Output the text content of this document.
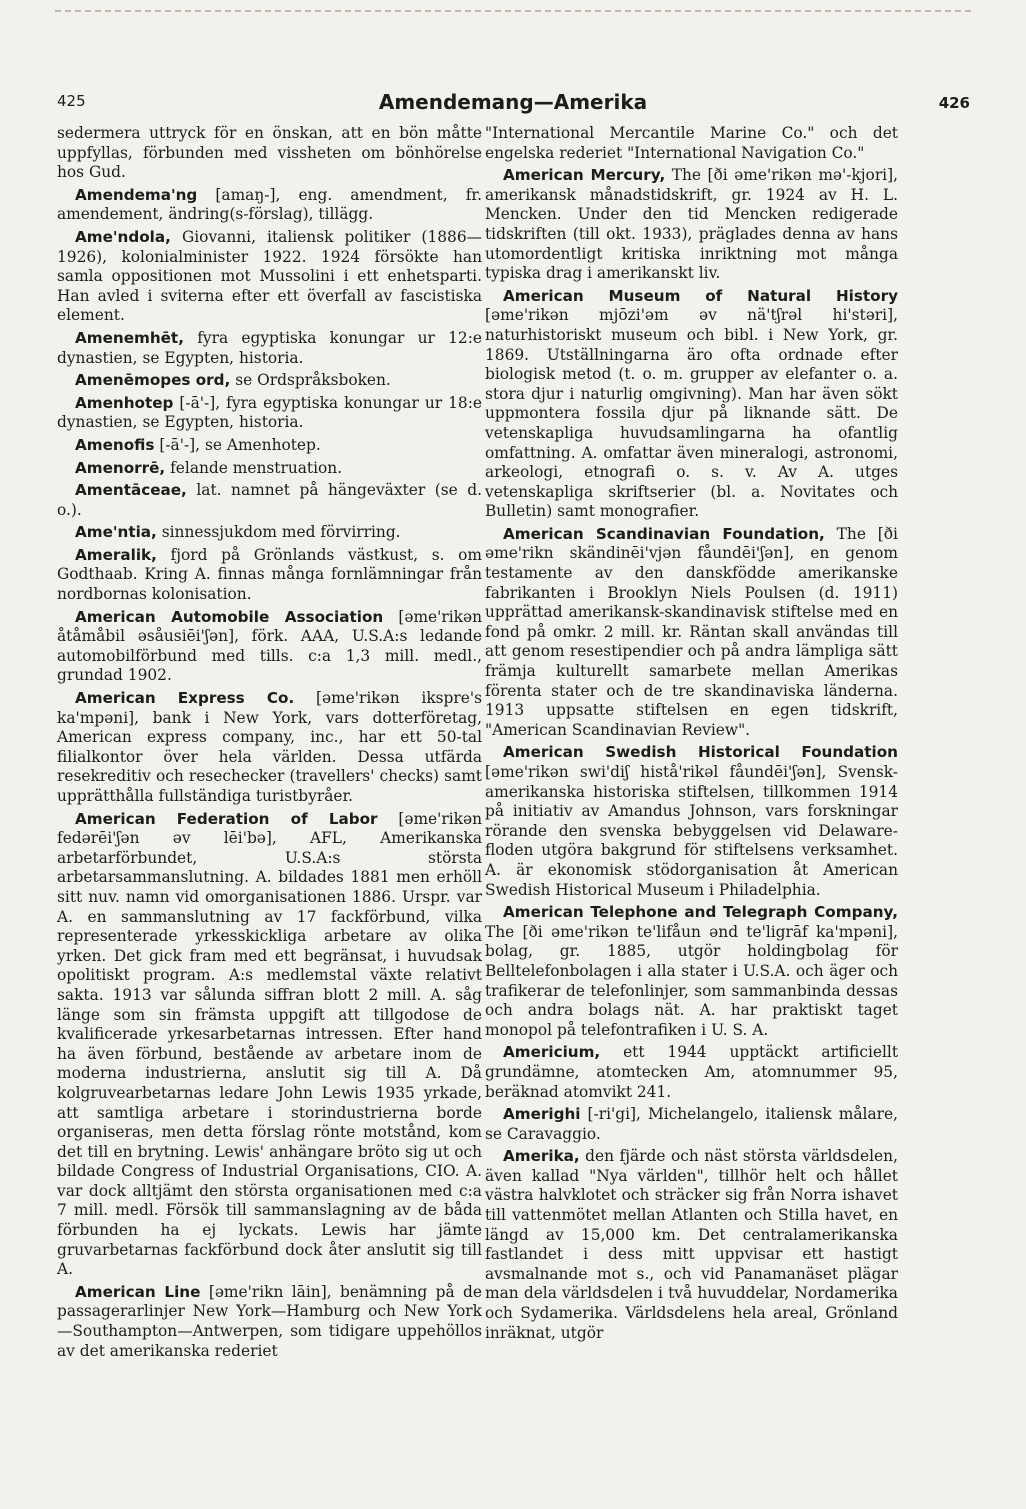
425	Amendemang—Amerika	426

sedermera uttryck för en önskan, att en bön måtte uppfyllas, förbunden med vissheten om bönhörelse hos Gud.

Amendema'ng [amaŋ-], eng. amendment, fr. amendement, ändring(s-förslag), tillägg.

Ame'ndola, Giovanni, italiensk politiker (1886—1926), kolonialminister 1922. 1924 försökte han samla oppositionen mot Mussolini i ett enhetsparti. Han avled i sviterna efter ett överfall av fascistiska element.

Amenemhēt, fyra egyptiska konungar ur 12:e dynastien, se Egypten, historia.

Amenēmopes ord, se Ordspråksboken.

Amenhotep [-ā'-], fyra egyptiska konungar ur 18:e dynastien, se Egypten, historia.

Amenofis [-ā'-], se Amenhotep.

Amenorrē, felande menstruation.

Amentāceae, lat. namnet på hängeväxter (se d. o.).

Ame'ntia, sinnessjukdom med förvirring.

Ameralik, fjord på Grönlands västkust, s. om Godthaab. Kring A. finnas många fornlämningar från nordbornas kolonisation.

American Automobile Association [əme'rikən åtåmåbil əsåusiēi'ʃən], förk. AAA, U.S.A:s ledande automobilförbund med tills. c:a 1,3 mill. medl., grundad 1902.

American Express Co. [əme'rikən ikspre's ka'mpəni], bank i New York, vars dotterföretag, American express company, inc., har ett 50-tal filialkontor över hela världen. Dessa utfärda resekreditiv och resechecker (travellers' checks) samt upprätthålla fullständiga turistbyråer.

American Federation of Labor [əme'rikən fedərēi'ʃən əv lēi'bə], AFL, Amerikanska arbetarförbundet, U.S.A:s största arbetarsammanslutning. A. bildades 1881 men erhöll sitt nuv. namn vid omorganisationen 1886. Urspr. var A. en sammanslutning av 17 fackförbund, vilka representerade yrkesskickliga arbetare av olika yrken. Det gick fram med ett begränsat, i huvudsak opolitiskt program. A:s medlemstal växte relativt sakta. 1913 var sålunda siffran blott 2 mill. A. såg länge som sin främsta uppgift att tillgodose de kvalificerade yrkesarbetarnas intressen. Efter hand ha även förbund, bestående av arbetare inom de moderna industrierna, anslutit sig till A. Då kolgruvearbetarnas ledare John Lewis 1935 yrkade, att samtliga arbetare i storindustrierna borde organiseras, men detta förslag rönte motstånd, kom det till en brytning. Lewis' anhängare bröto sig ut och bildade Congress of Industrial Organisations, CIO. A. var dock alltjämt den största organisationen med c:a 7 mill. medl. Försök till sammanslagning av de båda förbunden ha ej lyckats. Lewis har jämte gruvarbetarnas fackförbund dock åter anslutit sig till A.

American Line [əme'rikn lāin], benämning på de passagerarlinjer New York—Hamburg och New York—Southampton—Antwerpen, som tidigare uppehöllos av det amerikanska rederiet

"International Mercantile Marine Co." och det engelska rederiet "International Navigation Co."

American Mercury, The [ði əme'rikən mə'-kjori], amerikansk månadstidskrift, gr. 1924 av H. L. Mencken. Under den tid Mencken redigerade tidskriften (till okt. 1933), präglades denna av hans utomordentligt kritiska inriktning mot många typiska drag i amerikanskt liv.

American Museum of Natural History [əme'rikən mjōzi'əm əv nä'tʃrəl hi'stəri], naturhistoriskt museum och bibl. i New York, gr. 1869. Utställningarna äro ofta ordnade efter biologisk metod (t. o. m. grupper av elefanter o. a. stora djur i naturlig omgivning). Man har även sökt uppmontera fossila djur på liknande sätt. De vetenskapliga huvudsamlingarna ha ofantlig omfattning. A. omfattar även mineralogi, astronomi, arkeologi, etnografi o. s. v. Av A. utges vetenskapliga skriftserier (bl. a. Novitates och Bulletin) samt monografier.

American Scandinavian Foundation, The [ði əme'rikn skändinēi'vjən fåundēi'ʃən], en genom testamente av den danskfödde amerikanske fabrikanten i Brooklyn Niels Poulsen (d. 1911) upprättad amerikansk-skandinavisk stiftelse med en fond på omkr. 2 mill. kr. Räntan skall användas till att genom resestipendier och på andra lämpliga sätt främja kulturellt samarbete mellan Amerikas förenta stater och de tre skandinaviska länderna. 1913 uppsatte stiftelsen en egen tidskrift, "American Scandinavian Review".

American Swedish Historical Foundation [əme'rikən swi'diʃ histå'rikəl fåundēi'ʃən], Svensk-amerikanska historiska stiftelsen, tillkommen 1914 på initiativ av Amandus Johnson, vars forskningar rörande den svenska bebyggelsen vid Delaware-floden utgöra bakgrund för stiftelsens verksamhet. A. är ekonomisk stödorganisation åt American Swedish Historical Museum i Philadelphia.

American Telephone and Telegraph Company, The [ði əme'rikən te'lifåun ənd te'ligrāf ka'mpəni], bolag, gr. 1885, utgör holdingbolag för Belltelefonbolagen i alla stater i U.S.A. och äger och trafikerar de telefonlinjer, som sammanbinda dessas och andra bolags nät. A. har praktiskt taget monopol på telefontrafiken i U. S. A.

Americium, ett 1944 upptäckt artificiellt grundämne, atomtecken Am, atomnummer 95, beräknad atomvikt 241.

Amerighi [-ri'gi], Michelangelo, italiensk målare, se Caravaggio.

Amerika, den fjärde och näst största världsdelen, även kallad "Nya världen", tillhör helt och hållet västra halvklotet och sträcker sig från Norra ishavet till vattenmötet mellan Atlanten och Stilla havet, en längd av 15,000 km. Det centralamerikanska fastlandet i dess mitt uppvisar ett hastigt avsmalnande mot s., och vid Panamanäset plägar man dela världsdelen i två huvuddelar, Nordamerika och Sydamerika. Världsdelens hela areal, Grönland inräknat, utgör
